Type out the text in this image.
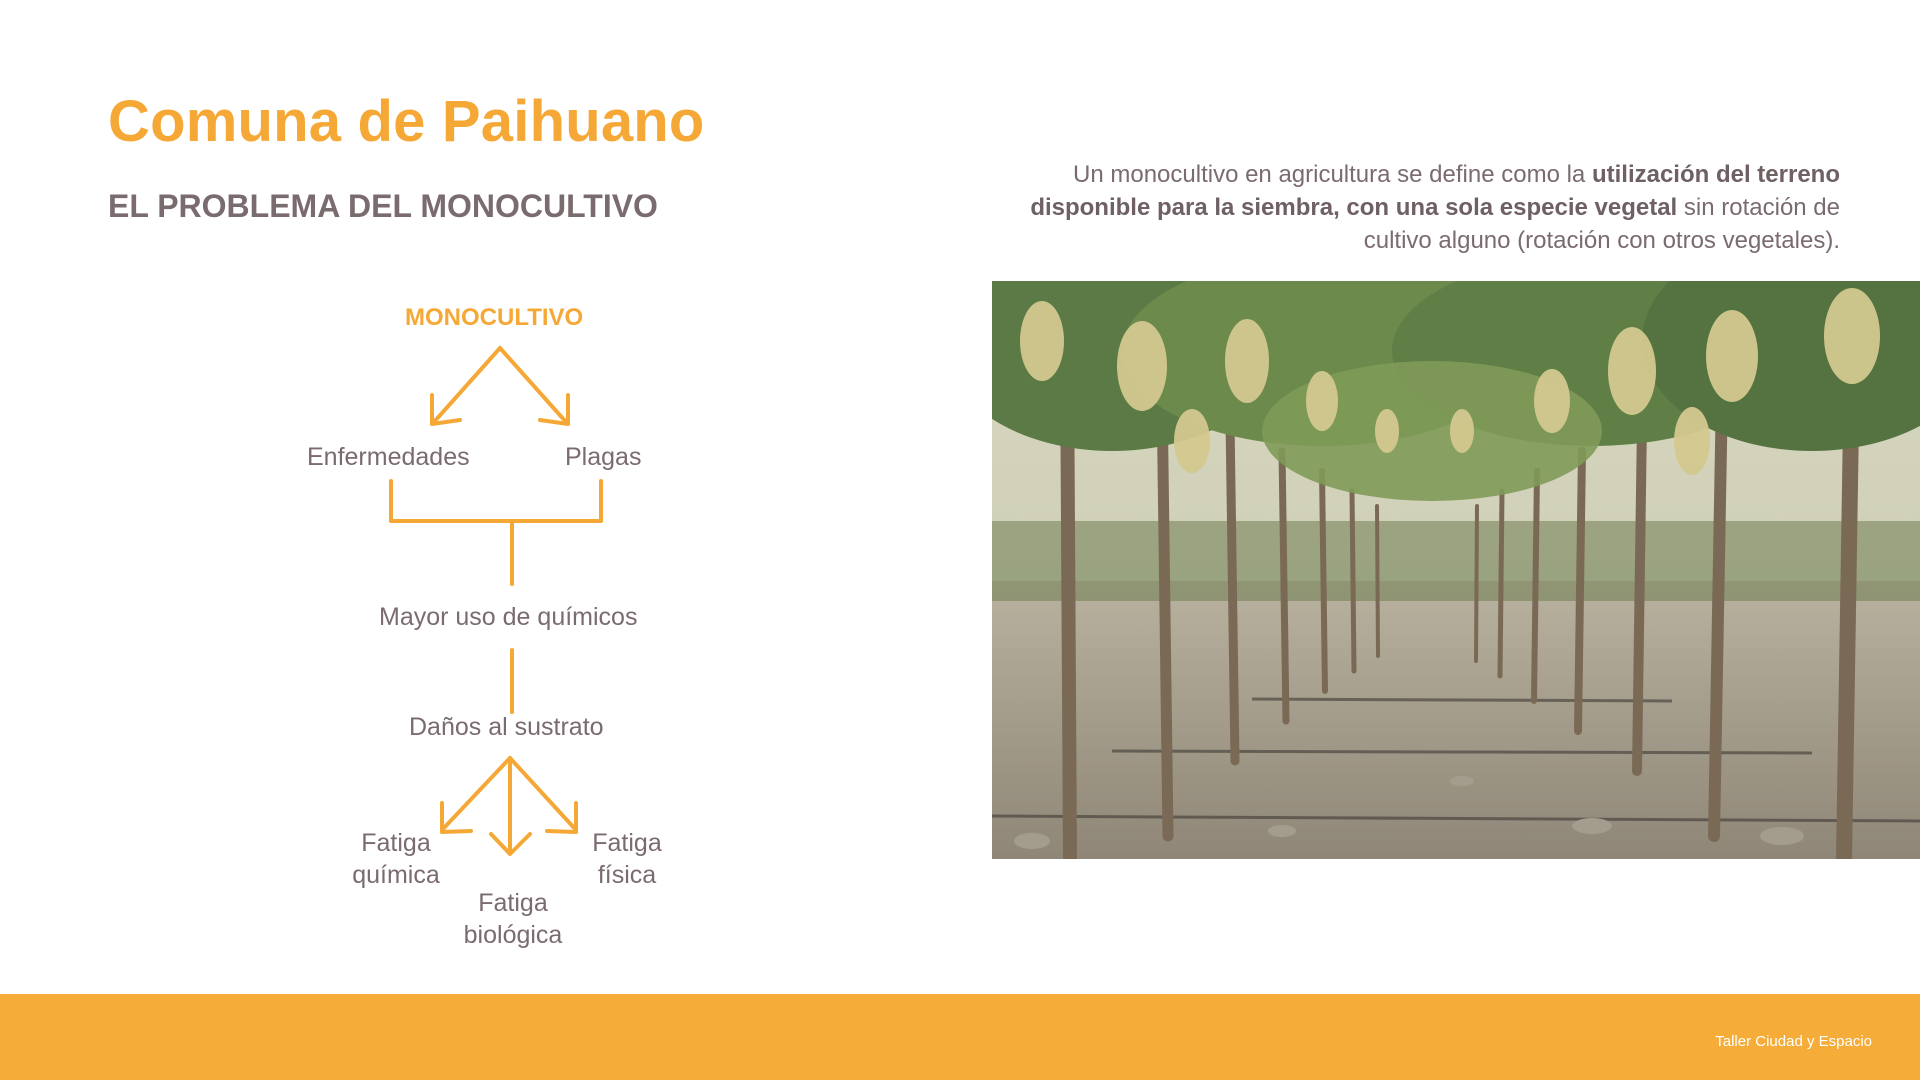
Comuna de Paihuano
EL PROBLEMA DEL MONOCULTIVO
Un monocultivo en agricultura se define como la utilización del terreno disponible para la siembra, con una sola especie vegetal sin rotación de cultivo alguno (rotación con otros vegetales).
MONOCULTIVO
Enfermedades	Plagas
Mayor uso de químicos
Daños al sustrato
Fatiga
química
Fatiga
biológica
Fatiga
física
Taller Ciudad y Espacio
